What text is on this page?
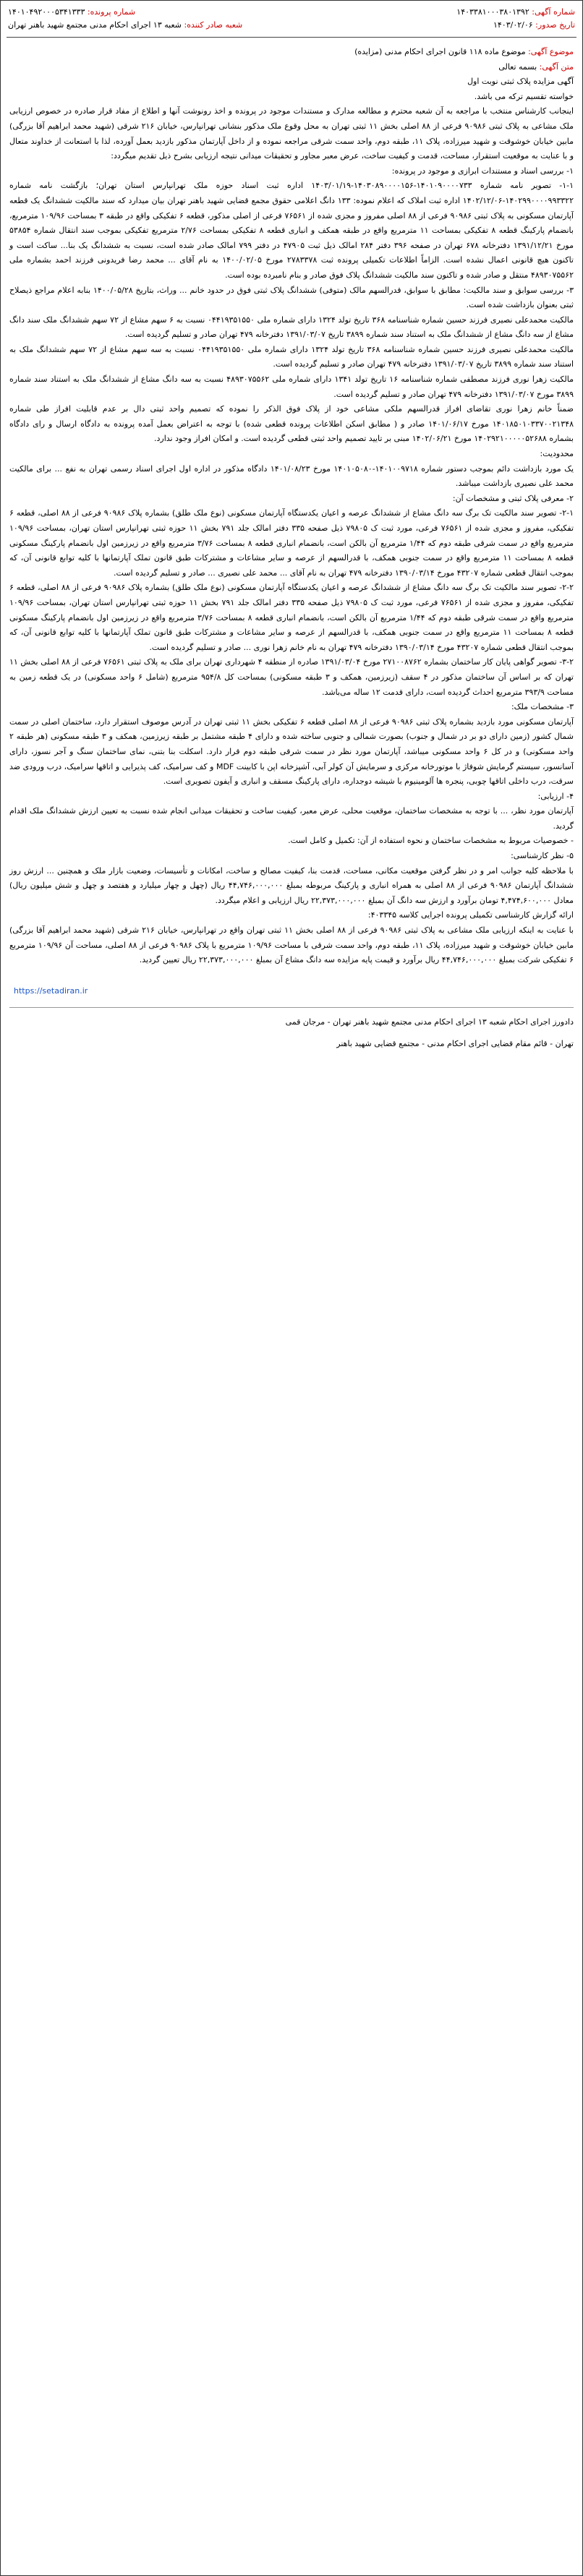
شماره آگهی: ۱۴۰۳۳۸۱۰۰۰۳۸۰۱۳۹۲
شماره پرونده: ۱۴۰۱۰۴۹۲۰۰۰۵۳۴۱۳۳۳
تاریخ صدور: ۱۴۰۳/۰۲/۰۶
شعبه صادر کننده: شعبه ۱۳ اجرای احکام مدنی مجتمع شهید باهنر تهران

موضوع آگهی: موضوع ماده ۱۱۸ قانون اجرای احکام مدنی (مزایده)

متن آگهی: بسمه تعالی

آگهی مزایده پلاک ثبتی نوبت اول

خواسته تقسیم ترکه می باشد.

اینجانب کارشناس منتخب با مراجعه به آن شعبه محترم و مطالعه مدارک و مستندات موجود در پرونده و اخذ رونوشت آنها و اطلاع از مفاد قرار صادره در خصوص ارزیابی ملک مشاعی به پلاک ثبتی ۹۰۹۸۶ فرعی از ۸۸ اصلی بخش ۱۱ ثبتی تهران به محل وقوع ملک مذکور بنشانی تهرانپارس، خیابان ۲۱۶ شرقی (شهید محمد ابراهیم آقا بزرگی) مابین خیابان خوشوقت و شهید میرزاده، پلاک ۱۱، طبقه دوم، واحد سمت شرقی مراجعه نموده و از داخل آپارتمان مذکور بازدید بعمل آورده، لذا با استعانت از خداوند متعال و با عنایت به موقعیت استقرار، مساحت، قدمت و کیفیت ساخت، عرض معبر مجاور و تحقیقات میدانی نتیجه ارزیابی بشرح ذیل تقدیم میگردد:

۱- بررسی اسناد و مستندات ابرازی و موجود در پرونده:

۱-۱- تصویر نامه شماره ۱۴۰۱۰۹۰۰۰۰۷۳۳-۱۴۰۳۰۸۹۰۰۰۰۱۵۶-۱۴۰۳/۰۱/۱۹ اداره ثبت اسناد حوزه ملک تهرانپارس استان تهران؛ بازگشت نامه شماره ۱۴۰۲۹۹۰۰۰۰۹۹۳۳۲۲-۱۴۰۲/۱۲/۰۶ اداره ثبت املاک که اعلام نموده: ۱۳۳ دانگ اعلامی حقوق مجمع قضایی شهید باهنر تهران بیان میدارد که سند مالکیت ششدانگ یک قطعه آپارتمان مسکونی به پلاک ثبتی ۹۰۹۸۶ فرعی از ۸۸ اصلی مفروز و مجزی شده از ۷۶۵۶۱ فرعی از اصلی مذکور، قطعه ۶ تفکیکی واقع در طبقه ۳ بمساحت ۱۰۹/۹۶ مترمربع، بانضمام پارکینگ قطعه ۸ تفکیکی بمساحت ۱۱ مترمربع واقع در طبقه همکف و انباری قطعه ۸ تفکیکی بمساحت ۲/۷۶ مترمربع تفکیکی بموجب سند انتقال شماره ۵۳۸۵۴ مورخ ۱۳۹۱/۱۲/۲۱ دفترخانه ۶۷۸ تهران در صفحه ۳۹۶ دفتر ۲۸۴ امالک ذیل ثبت ۴۷۹۰۵ در دفتر ۷۹۹ امالک صادر شده است، نسبت به ششدانگ یک بنا... ساکت است و تاکنون هیچ قانونی اعمال نشده است. الزاماً اطلاعات تکمیلی پرونده ثبت ۲۷۸۳۳۷۸ مورخ ۱۴۰۰/۰۲/۰۵ به نام آقای ... محمد رضا فریدونی فرزند احمد بشماره ملی ۴۸۹۳۰۷۵۵۶۲ منتقل و صادر شده و تاکنون سند مالکیت ششدانگ پلاک فوق صادر و بنام نامبرده بوده است.

۳- بررسی سوابق و سند مالکیت: مطابق با سوابق، قدرالسهم مالک (متوفی) ششدانگ پلاک ثبتی فوق در حدود خانم ... وراث، بتاریخ ۱۴۰۰/۰۵/۲۸ بنابه اعلام مراجع ذیصلاح ثبتی بعنوان بازداشت شده است.

مالکیت محمدعلی نصیری فرزند حسین شماره شناسنامه ۳۶۸ تاریخ تولد ۱۳۲۴ دارای شماره ملی ۰۴۴۱۹۳۵۱۵۵۰ نسبت به ۶ سهم مشاع از ۷۲ سهم ششدانگ ملک سند دانگ مشاع از سه دانگ مشاع از ششدانگ ملک به استناد سند شماره ۳۸۹۹ تاریخ ۱۳۹۱/۰۳/۰۷ دفترخانه ۴۷۹ تهران صادر و تسلیم گردیده است.

مالکیت محمدعلی نصیری فرزند حسین شماره شناسنامه ۳۶۸ تاریخ تولد ۱۳۲۴ دارای شماره ملی ۰۴۴۱۹۳۵۱۵۵۰ نسبت به سه سهم مشاع از ۷۲ سهم ششدانگ ملک به استناد سند شماره ۳۸۹۹ تاریخ ۱۳۹۱/۰۳/۰۷ دفترخانه ۴۷۹ تهران صادر و تسلیم گردیده است.

مالکیت زهرا نوری فرزند مصطفی شماره شناسنامه ۱۶ تاریخ تولد ۱۳۴۱ دارای شماره ملی ۴۸۹۳۰۷۵۵۶۲ نسبت به سه دانگ مشاع از ششدانگ ملک به استناد سند شماره ۳۸۹۹ مورخ ۱۳۹۱/۰۳/۰۷ دفترخانه ۴۷۹ تهران صادر و تسلیم گردیده است.

ضمناً خانم زهرا نوری تقاضای افراز قدرالسهم ملکی مشاعی خود از پلاک فوق الذکر را نموده که تصمیم واحد ثبتی دال بر عدم قابلیت افراز طی شماره ۱۴۰۱۸۵۰۱۰۳۳۷۰۰۲۱۳۴۸ مورخ ۱۴۰۱/۰۶/۱۷ صادر و ( مطابق اسکن اطلاعات پرونده قطعی شده) با توجه به اعتراض بعمل آمده پرونده به دادگاه ارسال و رای دادگاه بشماره ۱۴۰۲۹۲۱۰۰۰۰۰۵۲۶۸۸ مورخ ۱۴۰۲/۰۶/۲۱ مبنی بر تایید تصمیم واحد ثبتی قطعی گردیده است. و امکان افراز وجود ندارد.

محدودیت:

یک مورد بازداشت دائم بموجب دستور شماره ۱۴۰۱۰۰۹۷۱۸-۱۴۰۱۰۵۰۸۰ مورخ ۱۴۰۱/۰۸/۲۳ دادگاه مذکور در اداره اول اجرای اسناد رسمی تهران به نفع ... برای مالکیت محمد علی نصیری بازداشت میباشد.

۲- معرفی پلاک ثبتی و مشخصات آن:

۲-۱- تصویر سند مالکیت تک برگ سه دانگ مشاع از ششدانگ عرصه و اعیان یکدستگاه آپارتمان مسکونی (نوع ملک طلق) بشماره پلاک ۹۰۹۸۶ فرعی از ۸۸ اصلی، قطعه ۶ تفکیکی، مفروز و مجزی شده از ۷۶۵۶۱ فرعی، مورد ثبت ک ۷۹۸۰۵ ذیل صفحه ۳۳۵ دفتر امالک جلد ۷۹۱ بخش ۱۱ حوزه ثبتی تهرانپارس استان تهران، بمساحت ۱۰۹/۹۶ مترمربع واقع در سمت شرقی طبقه دوم که ۱/۴۴ مترمربع آن بالکن است، بانضمام انباری قطعه ۸ بمساحت ۳/۷۶ مترمربع واقع در زیرزمین اول بانضمام پارکینگ مسکونی قطعه ۸ بمساحت ۱۱ مترمربع واقع در سمت جنوبی همکف، با قدرالسهم از عرصه و سایر مشاعات و مشترکات طبق قانون تملک آپارتمانها با کلیه توابع قانونی آن، که بموجب انتقال قطعی شماره ۴۳۲۰۷ مورخ ۱۳۹۰/۰۳/۱۴ دفترخانه ۴۷۹ تهران به نام آقای ... محمد علی نصیری ... صادر و تسلیم گردیده است.

۲-۲- تصویر سند مالکیت تک برگ سه دانگ مشاع از ششدانگ عرصه و اعیان یکدستگاه آپارتمان مسکونی (نوع ملک طلق) بشماره پلاک ۹۰۹۸۶ فرعی از ۸۸ اصلی، قطعه ۶ تفکیکی، مفروز و مجزی شده از ۷۶۵۶۱ فرعی، مورد ثبت ک ۷۹۸۰۵ ذیل صفحه ۳۳۵ دفتر امالک جلد ۷۹۱ بخش ۱۱ حوزه ثبتی تهرانپارس استان تهران، بمساحت ۱۰۹/۹۶ مترمربع واقع در سمت شرقی طبقه دوم که ۱/۴۴ مترمربع آن بالکن است، بانضمام انباری قطعه ۸ بمساحت ۳/۷۶ مترمربع واقع در زیرزمین اول بانضمام پارکینگ مسکونی قطعه ۸ بمساحت ۱۱ مترمربع واقع در سمت جنوبی همکف، با قدرالسهم از عرصه و سایر مشاعات و مشترکات طبق قانون تملک آپارتمانها با کلیه توابع قانونی آن، که بموجب انتقال قطعی شماره ۴۳۲۰۷ مورخ ۱۳۹۰/۰۳/۱۴ دفترخانه ۴۷۹ تهران به نام خانم زهرا نوری ... صادر و تسلیم گردیده است.

۳-۲- تصویر گواهی پایان کار ساختمان بشماره ۲۷۱۰۰۸۷۶۲ مورخ ۱۳۹۱/۰۳/۰۴ صادره از منطقه ۴ شهرداری تهران برای ملک به پلاک ثبتی ۷۶۵۶۱ فرعی از ۸۸ اصلی بخش ۱۱ تهران که بر اساس آن ساختمان مذکور در ۴ سقف (زیرزمین، همکف و ۳ طبقه مسکونی) بمساحت کل ۹۵۴/۸ مترمربع (شامل ۶ واحد مسکونی) در یک قطعه زمین به مساحت ۳۹۳/۹ مترمربع احداث گردیده است، دارای قدمت ۱۲ ساله می‌باشد.

۳- مشخصات ملک:

آپارتمان مسکونی مورد بازدید بشماره پلاک ثبتی ۹۰۹۸۶ فرعی از ۸۸ اصلی قطعه ۶ تفکیکی بخش ۱۱ ثبتی تهران در آدرس موصوف استقرار دارد، ساختمان اصلی در سمت شمال کشور (زمین دارای دو بر در شمال و جنوب) بصورت شمالی و جنوبی ساخته شده و دارای ۴ طبقه مشتمل بر طبقه زیرزمین، همکف و ۳ طبقه مسکونی (هر طبقه ۲ واحد مسکونی) و در کل ۶ واحد مسکونی میباشد، آپارتمان مورد نظر در سمت شرقی طبقه دوم قرار دارد. اسکلت بنا بتنی، نمای ساختمان سنگ و آجر نسوز، دارای آسانسور، سیستم گرمایش شوفاژ با موتورخانه مرکزی و سرمایش آن کولر آبی، آشپزخانه اپن با کابینت MDF و کف سرامیک، کف پذیرایی و اتاقها سرامیک، درب ورودی ضد سرقت، درب داخلی اتاقها چوبی، پنجره ها آلومینیوم با شیشه دوجداره، دارای پارکینگ مسقف و انباری و آیفون تصویری است.

۴- ارزیابی:

آپارتمان مورد نظر، ... با توجه به مشخصات ساختمان، موقعیت محلی، عرض معبر، کیفیت ساخت و تحقیقات میدانی انجام شده نسبت به تعیین ارزش ششدانگ ملک اقدام گردید.

- خصوصیات مربوط به مشخصات ساختمان و نحوه استفاده از آن: تکمیل و کامل است.

۵- نظر کارشناسی:

با ملاحظه کلیه جوانب امر و در نظر گرفتن موقعیت مکانی، مساحت، قدمت بنا، کیفیت مصالح و ساخت، امکانات و تأسیسات، وضعیت بازار ملک و همچنین ... ارزش روز ششدانگ آپارتمان ۹۰۹۸۶ فرعی از ۸۸ اصلی به همراه انباری و پارکینگ مربوطه بمبلغ ۴۴,۷۴۶,۰۰۰,۰۰۰ ریال (چهل و چهار میلیارد و هفتصد و چهل و شش میلیون ریال) معادل ۴,۴۷۴,۶۰۰,۰۰۰ تومان برآورد و ارزش سه دانگ آن بمبلغ ۲۲,۳۷۳,۰۰۰,۰۰۰ ریال ارزیابی و اعلام میگردد.

ارائه گزارش کارشناسی تکمیلی پرونده اجرایی کلاسه ۴۰۳۳۴۵:

با عنایت به اینکه ارزیابی ملک مشاعی به پلاک ثبتی ۹۰۹۸۶ فرعی از ۸۸ اصلی بخش ۱۱ ثبتی تهران واقع در تهرانپارس، خیابان ۲۱۶ شرقی (شهید محمد ابراهیم آقا بزرگی) مابین خیابان خوشوقت و شهید میرزاده، پلاک ۱۱، طبقه دوم، واحد سمت شرقی با مساحت ۱۰۹/۹۶ مترمربع با پلاک ۹۰۹۸۶ فرعی از ۸۸ اصلی، مساحت آن ۱۰۹/۹۶ مترمربع ۶ تفکیکی شرکت بمبلغ ۴۴,۷۴۶,۰۰۰,۰۰۰ ریال برآورد و قیمت پایه مزایده سه دانگ مشاع آن بمبلغ ۲۲,۳۷۳,۰۰۰,۰۰۰ ریال تعیین گردید.

https://setadiran.ir
دادورز اجرای احکام شعبه ۱۳ اجرای احکام مدنی مجتمع شهید باهنر تهران - مرجان قمی
تهران - قائم مقام قضایی اجرای احکام مدنی - مجتمع قضایی شهید باهنر
